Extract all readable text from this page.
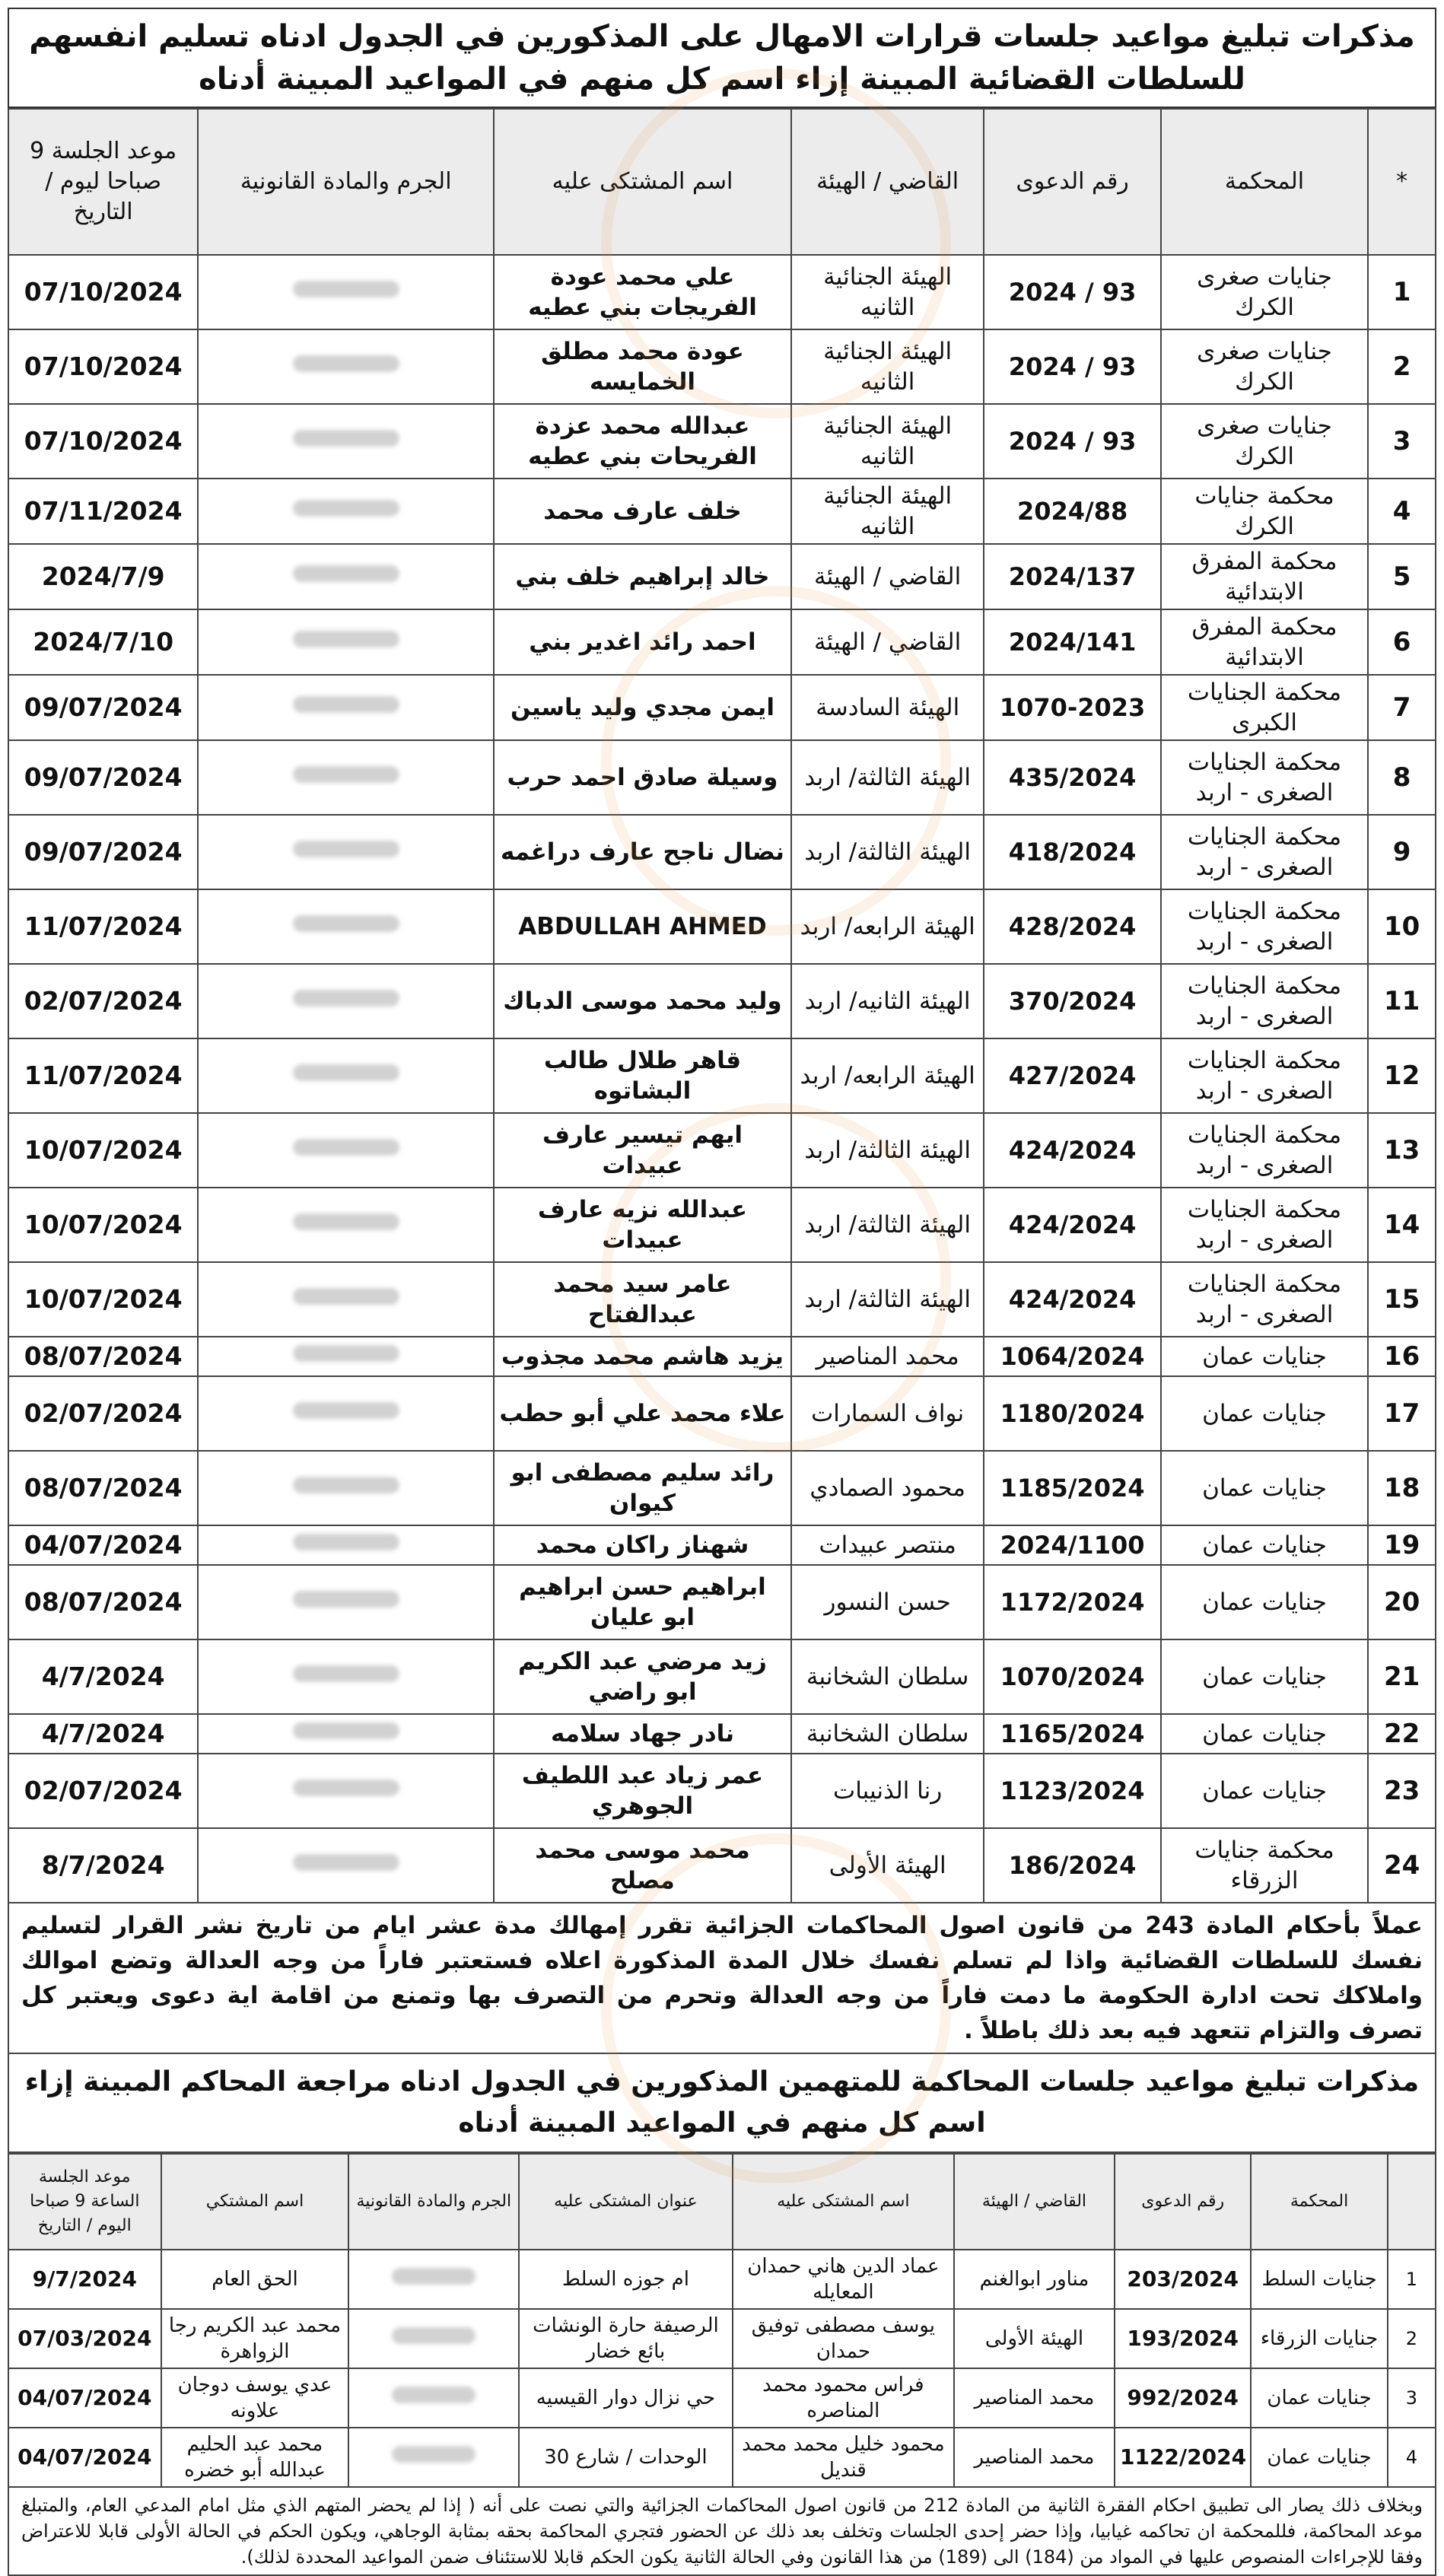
مذكرات تبليغ مواعيد جلسات قرارات الامهال على المذكورين في الجدول ادناه تسليم انفسهم للسلطات القضائية المبينة إزاء اسم كل منهم في المواعيد المبينة أدناه
*	المحكمة	رقم الدعوى	القاضي / الهيئة	اسم المشتكى عليه	الجرم والمادة القانونية	موعد الجلسة 9 صباحا ليوم / التاريخ
1	جنايات صغرى الكرك	2024 / 93	الهيئة الجنائية الثانيه	علي محمد عودة الفريجات بني عطيه		07/10/2024
2	جنايات صغرى الكرك	2024 / 93	الهيئة الجنائية الثانيه	عودة محمد مطلق الخمايسه		07/10/2024
3	جنايات صغرى الكرك	2024 / 93	الهيئة الجنائية الثانيه	عبدالله محمد عزدة الفريحات بني عطيه		07/10/2024
4	محكمة جنايات الكرك	2024/88	الهيئة الجنائية الثانيه	خلف عارف محمد		07/11/2024
5	محكمة المفرق الابتدائية	2024/137	القاضي / الهيئة	خالد إبراهيم خلف بني		2024/7/9
6	محكمة المفرق الابتدائية	2024/141	القاضي / الهيئة	احمد رائد اغدير بني		2024/7/10
7	محكمة الجنايات الكبرى	1070-2023	الهيئة السادسة	ايمن مجدي وليد ياسين		09/07/2024
8	محكمة الجنايات الصغرى - اربد	435/2024	الهيئة الثالثة/ اربد	وسيلة صادق احمد حرب		09/07/2024
9	محكمة الجنايات الصغرى - اربد	418/2024	الهيئة الثالثة/ اربد	نضال ناجح عارف دراغمه		09/07/2024
10	محكمة الجنايات الصغرى - اربد	428/2024	الهيئة الرابعه/ اربد	ABDULLAH AHMED		11/07/2024
11	محكمة الجنايات الصغرى - اربد	370/2024	الهيئة الثانيه/ اربد	وليد محمد موسى الدباك		02/07/2024
12	محكمة الجنايات الصغرى - اربد	427/2024	الهيئة الرابعه/ اربد	قاهر طلال طالب البشاتوه		11/07/2024
13	محكمة الجنايات الصغرى - اربد	424/2024	الهيئة الثالثة/ اربد	ايهم تيسير عارف عبيدات		10/07/2024
14	محكمة الجنايات الصغرى - اربد	424/2024	الهيئة الثالثة/ اربد	عبدالله نزيه عارف عبيدات		10/07/2024
15	محكمة الجنايات الصغرى - اربد	424/2024	الهيئة الثالثة/ اربد	عامر سيد محمد عبدالفتاح		10/07/2024
16	جنايات عمان	1064/2024	محمد المناصير	يزيد هاشم محمد مجذوب		08/07/2024
17	جنايات عمان	1180/2024	نواف السمارات	علاء محمد علي أبو حطب		02/07/2024
18	جنايات عمان	1185/2024	محمود الصمادي	رائد سليم مصطفى ابو كيوان		08/07/2024
19	جنايات عمان	2024/1100	منتصر عبيدات	شهناز راكان محمد		04/07/2024
20	جنايات عمان	1172/2024	حسن النسور	ابراهيم حسن ابراهيم ابو عليان		08/07/2024
21	جنايات عمان	1070/2024	سلطان الشخانبة	زيد مرضي عبد الكريم ابو راضي		4/7/2024
22	جنايات عمان	1165/2024	سلطان الشخانبة	نادر جهاد سلامه		4/7/2024
23	جنايات عمان	1123/2024	رنا الذنيبات	عمر زياد عبد اللطيف الجوهري		02/07/2024
24	محكمة جنايات الزرقاء	186/2024	الهيئة الأولى	محمد موسى محمد مصلح		8/7/2024
عملاً بأحكام المادة 243 من قانون اصول المحاكمات الجزائية تقرر إمهالك مدة عشر ايام من تاريخ نشر القرار لتسليم نفسك للسلطات القضائية واذا لم تسلم نفسك خلال المدة المذكورة اعلاه فستعتبر فاراً من وجه العدالة وتضع اموالك واملاكك تحت ادارة الحكومة ما دمت فاراً من وجه العدالة وتحرم من التصرف بها وتمنع من اقامة اية دعوى ويعتبر كل تصرف والتزام تتعهد فيه بعد ذلك باطلاً .
مذكرات تبليغ مواعيد جلسات المحاكمة للمتهمين المذكورين في الجدول ادناه مراجعة المحاكم المبينة إزاء اسم كل منهم في المواعيد المبينة أدناه
	المحكمة	رقم الدعوى	القاضي / الهيئة	اسم المشتكى عليه	عنوان المشتكى عليه	الجرم والمادة القانونية	اسم المشتكي	موعد الجلسة الساعة 9 صباحا اليوم / التاريخ
1	جنايات السلط	203/2024	مناور ابوالغنم	عماد الدين هاني حمدان المعايله	ام جوزه السلط		الحق العام	9/7/2024
2	جنايات الزرقاء	193/2024	الهيئة الأولى	يوسف مصطفى توفيق حمدان	الرصيفة حارة الونشات بائع خضار		محمد عبد الكريم رجا الزواهرة	07/03/2024
3	جنايات عمان	992/2024	محمد المناصير	فراس محمود محمد المناصره	حي نزال دوار القيسيه		عدي يوسف دوجان علاونه	04/07/2024
4	جنايات عمان	1122/2024	محمد المناصير	محمود خليل محمد محمد قنديل	الوحدات / شارع 30		محمد عبد الحليم عبدالله أبو خضره	04/07/2024
وبخلاف ذلك يصار الى تطبيق احكام الفقرة الثانية من المادة 212 من قانون اصول المحاكمات الجزائية والتي نصت على أنه ( إذا لم يحضر المتهم الذي مثل امام المدعي العام، والمتبلغ موعد المحاكمة، فللمحكمة ان تحاكمه غيابيا، وإذا حضر إحدى الجلسات وتخلف بعد ذلك عن الحضور فتجري المحاكمة بحقه بمثابة الوجاهي، ويكون الحكم في الحالة الأولى قابلا للاعتراض وفقا للإجراءات المنصوص عليها في المواد من (184) الى (189) من هذا القانون وفي الحالة الثانية يكون الحكم قابلا للاستئناف ضمن المواعيد المحددة لذلك).
